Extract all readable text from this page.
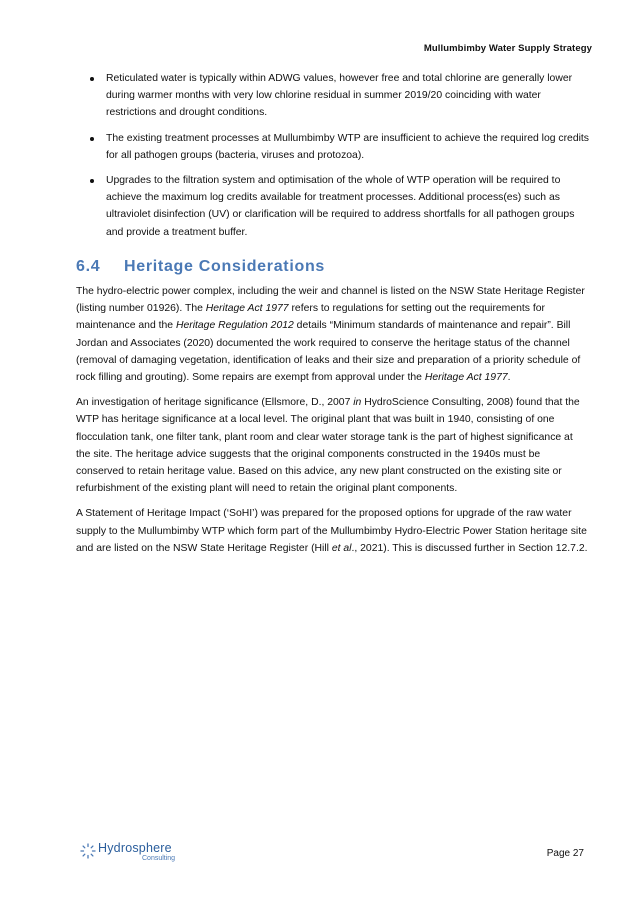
Mullumbimby Water Supply Strategy
Reticulated water is typically within ADWG values, however free and total chlorine are generally lower during warmer months with very low chlorine residual in summer 2019/20 coinciding with water restrictions and drought conditions.
The existing treatment processes at Mullumbimby WTP are insufficient to achieve the required log credits for all pathogen groups (bacteria, viruses and protozoa).
Upgrades to the filtration system and optimisation of the whole of WTP operation will be required to achieve the maximum log credits available for treatment processes. Additional process(es) such as ultraviolet disinfection (UV) or clarification will be required to address shortfalls for all pathogen groups and provide a treatment buffer.
6.4	Heritage Considerations

The hydro-electric power complex, including the weir and channel is listed on the NSW State Heritage Register (listing number 01926). The Heritage Act 1977 refers to regulations for setting out the requirements for maintenance and the Heritage Regulation 2012 details “Minimum standards of maintenance and repair”. Bill Jordan and Associates (2020) documented the work required to conserve the heritage status of the channel (removal of damaging vegetation, identification of leaks and their size and preparation of a priority schedule of rock filling and grouting). Some repairs are exempt from approval under the Heritage Act 1977.

An investigation of heritage significance (Ellsmore, D., 2007 in HydroScience Consulting, 2008) found that the WTP has heritage significance at a local level. The original plant that was built in 1940, consisting of one flocculation tank, one filter tank, plant room and clear water storage tank is the part of highest significance at the site. The heritage advice suggests that the original components constructed in the 1940s must be conserved to retain heritage value. Based on this advice, any new plant constructed on the existing site or refurbishment of the existing plant will need to retain the original plant components.

A Statement of Heritage Impact (‘SoHI’) was prepared for the proposed options for upgrade of the raw water supply to the Mullumbimby WTP which form part of the Mullumbimby Hydro-Electric Power Station heritage site and are listed on the NSW State Heritage Register (Hill et al., 2021). This is discussed further in Section 12.7.2.

Hydrosphere
Consulting	Page 27
